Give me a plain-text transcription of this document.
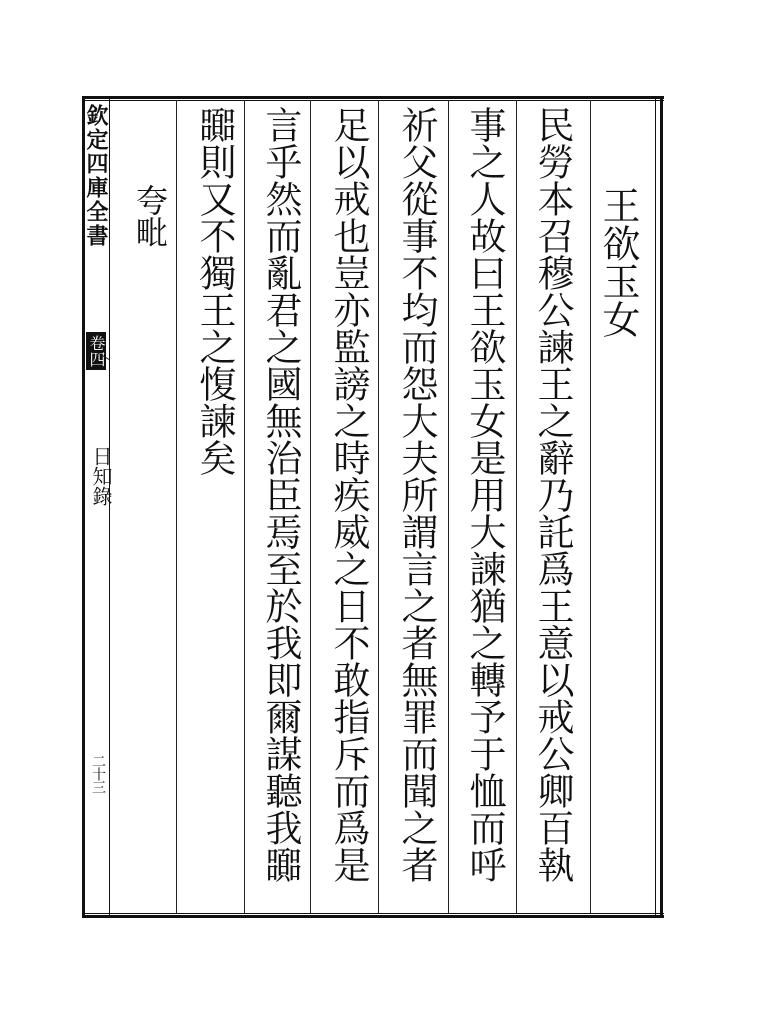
欽定四庫全書
卷四
日知錄
二十三
王欲玉女
民勞本召穆公諫王之辭乃託爲王意以戒公卿百執
事之人故曰王欲玉女是用大諫猶之轉予于恤而呼
祈父從事不均而怨大夫所謂言之者無罪而聞之者
足以戒也豈亦監謗之時疾威之日不敢指斥而爲是
言乎然而亂君之國無治臣焉至於我即爾謀聽我嚻
嚻則又不獨王之愎諫矣
夸毗
